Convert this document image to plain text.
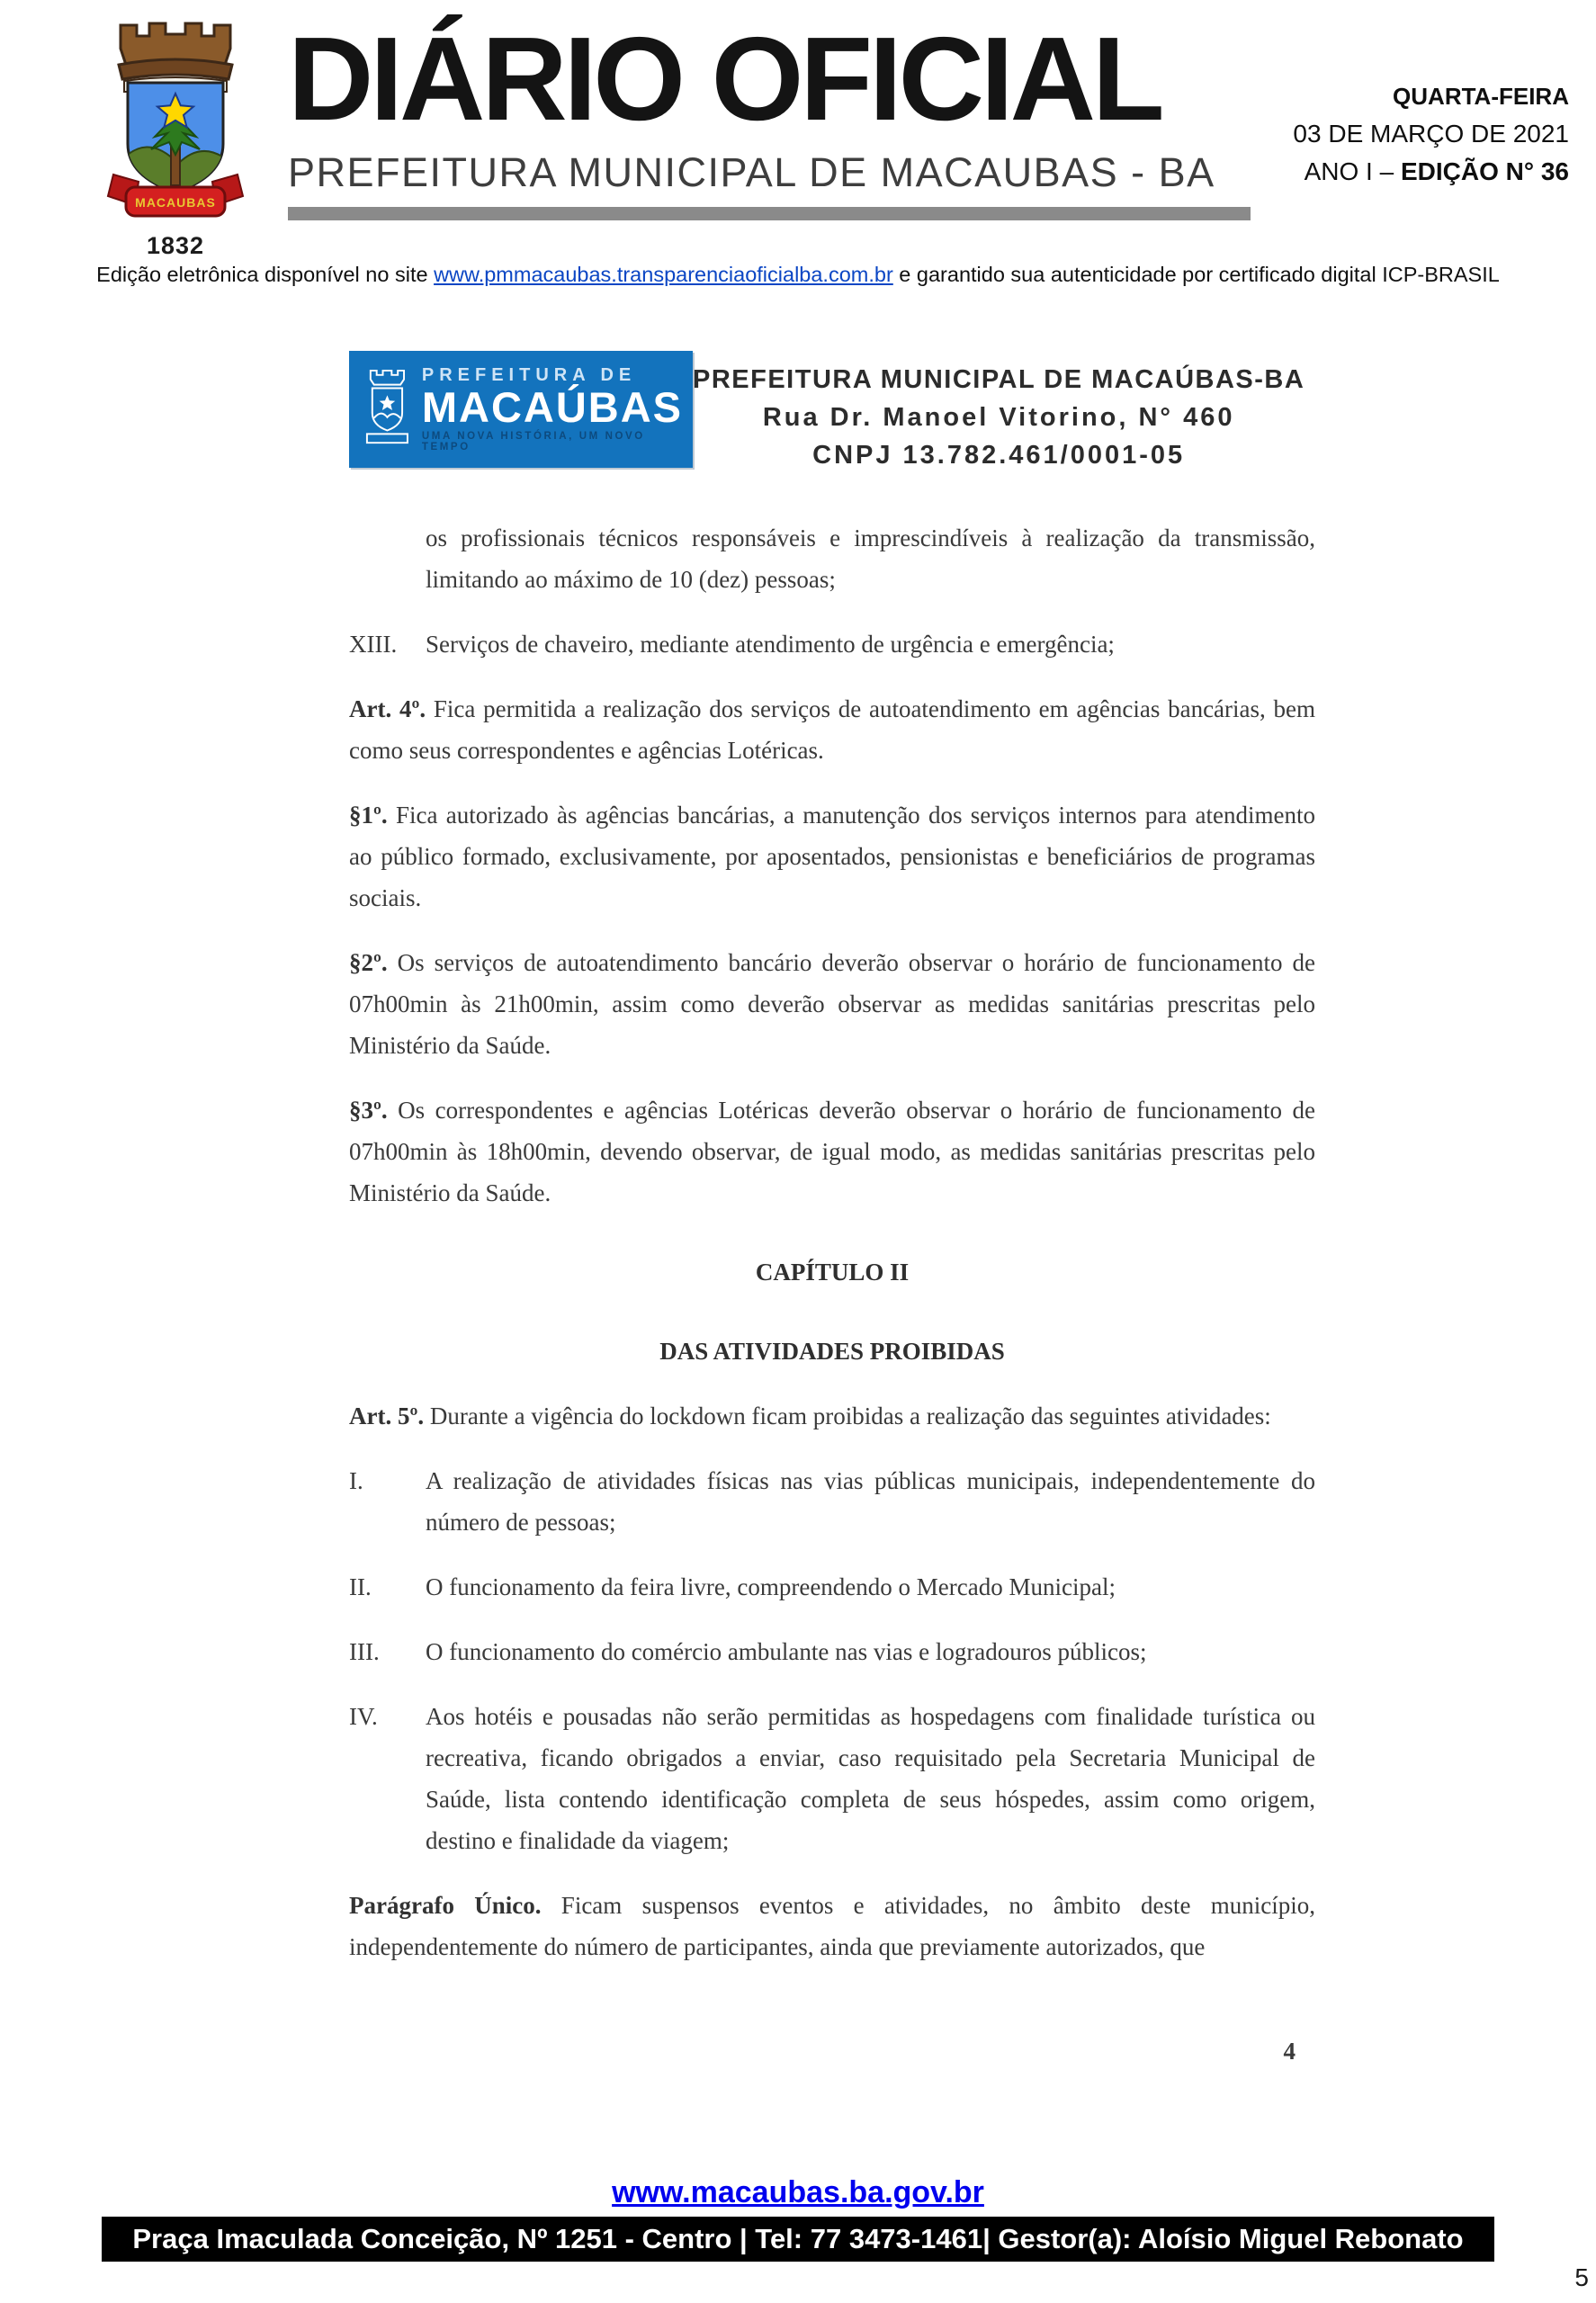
MACAUBAS
1832
DIÁRIO OFICIAL
PREFEITURA MUNICIPAL DE MACAUBAS - BA
QUARTA-FEIRA
03 DE MARÇO DE 2021
ANO I – EDIÇÃO N° 36
Edição eletrônica disponível no site www.pmmacaubas.transparenciaoficialba.com.br e garantido sua autenticidade por certificado digital ICP-BRASIL
PREFEITURA DE
MACAÚBAS
UMA NOVA HISTÓRIA, UM NOVO TEMPO
PREFEITURA MUNICIPAL DE MACAÚBAS-BA
Rua Dr. Manoel Vitorino, N° 460
CNPJ 13.782.461/0001-05

os profissionais técnicos responsáveis e imprescindíveis à realização da transmissão, limitando ao máximo de 10 (dez) pessoas;

XIII.	Serviços de chaveiro, mediante atendimento de urgência e emergência;

Art. 4º. Fica permitida a realização dos serviços de autoatendimento em agências bancárias, bem como seus correspondentes e agências Lotéricas.

§1º. Fica autorizado às agências bancárias, a manutenção dos serviços internos para atendimento ao público formado, exclusivamente, por aposentados, pensionistas e beneficiários de programas sociais.

§2º. Os serviços de autoatendimento bancário deverão observar o horário de funcionamento de 07h00min às 21h00min, assim como deverão observar as medidas sanitárias prescritas pelo Ministério da Saúde.

§3º. Os correspondentes e agências Lotéricas deverão observar o horário de funcionamento de 07h00min às 18h00min, devendo observar, de igual modo, as medidas sanitárias prescritas pelo Ministério da Saúde.

CAPÍTULO II
DAS ATIVIDADES PROIBIDAS

Art. 5º. Durante a vigência do lockdown ficam proibidas a realização das seguintes atividades:

I.	A realização de atividades físicas nas vias públicas municipais, independentemente do número de pessoas;
II.	O funcionamento da feira livre, compreendendo o Mercado Municipal;
III.	O funcionamento do comércio ambulante nas vias e logradouros públicos;
IV.	Aos hotéis e pousadas não serão permitidas as hospedagens com finalidade turística ou recreativa, ficando obrigados a enviar, caso requisitado pela Secretaria Municipal de Saúde, lista contendo identificação completa de seus hóspedes, assim como origem, destino e finalidade da viagem;

Parágrafo Único. Ficam suspensos eventos e atividades, no âmbito deste município, independentemente do número de participantes, ainda que previamente autorizados, que

4
www.macaubas.ba.gov.br
Praça Imaculada Conceição, Nº 1251 - Centro | Tel: 77 3473-1461| Gestor(a): Aloísio Miguel Rebonato
5
